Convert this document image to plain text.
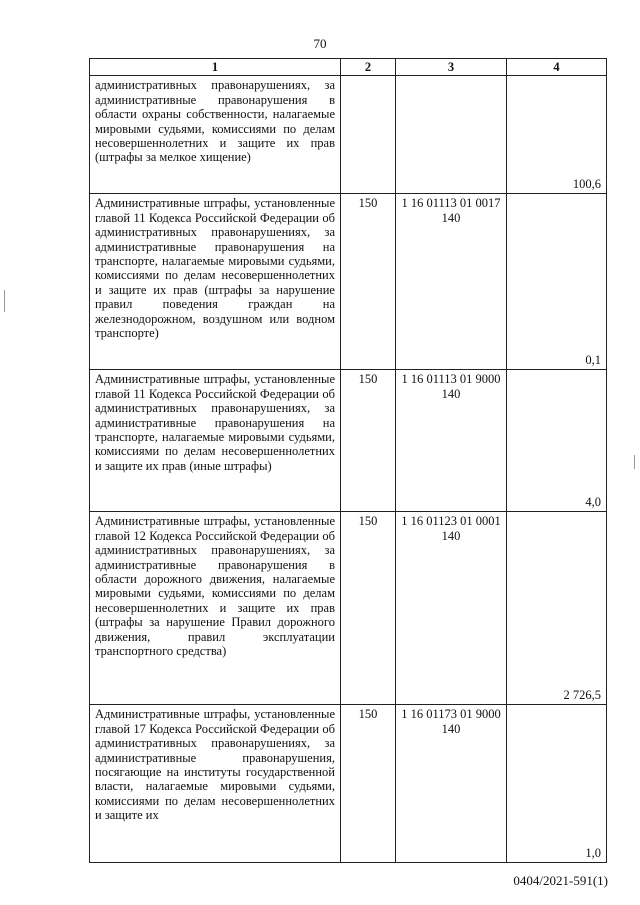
70
1	2	3	4
административных правонарушениях, за административные правонарушения в области охраны собственности, налагаемые мировыми судьями, комиссиями по делам несовершеннолетних и защите их прав (штрафы за мелкое хищение)			100,6
Административные штрафы, установленные главой 11 Кодекса Российской Федерации об административных правонарушениях, за административные правонарушения на транспорте, налагаемые мировыми судьями, комиссиями по делам несовершеннолетних и защите их прав (штрафы за нарушение правил поведения граждан на железнодорожном, воздушном или водном транспорте)	150	1 16 01113 01 0017 140	0,1
Административные штрафы, установленные главой 11 Кодекса Российской Федерации об административных правонарушениях, за административные правонарушения на транспорте, налагаемые мировыми судьями, комиссиями по делам несовершеннолетних и защите их прав (иные штрафы)	150	1 16 01113 01 9000 140	4,0
Административные штрафы, установленные главой 12 Кодекса Российской Федерации об административных правонарушениях, за административные правонарушения в области дорожного движения, налагаемые мировыми судьями, комиссиями по делам несовершеннолетних и защите их прав (штрафы за нарушение Правил дорожного движения, правил эксплуатации транспортного средства)	150	1 16 01123 01 0001 140	2 726,5
Административные штрафы, установленные главой 17 Кодекса Российской Федерации об административных правонарушениях, за административные правонарушения, посягающие на институты государственной власти, налагаемые мировыми судьями, комиссиями по делам несовершеннолетних и защите их	150	1 16 01173 01 9000 140	1,0
0404/2021-591(1)
